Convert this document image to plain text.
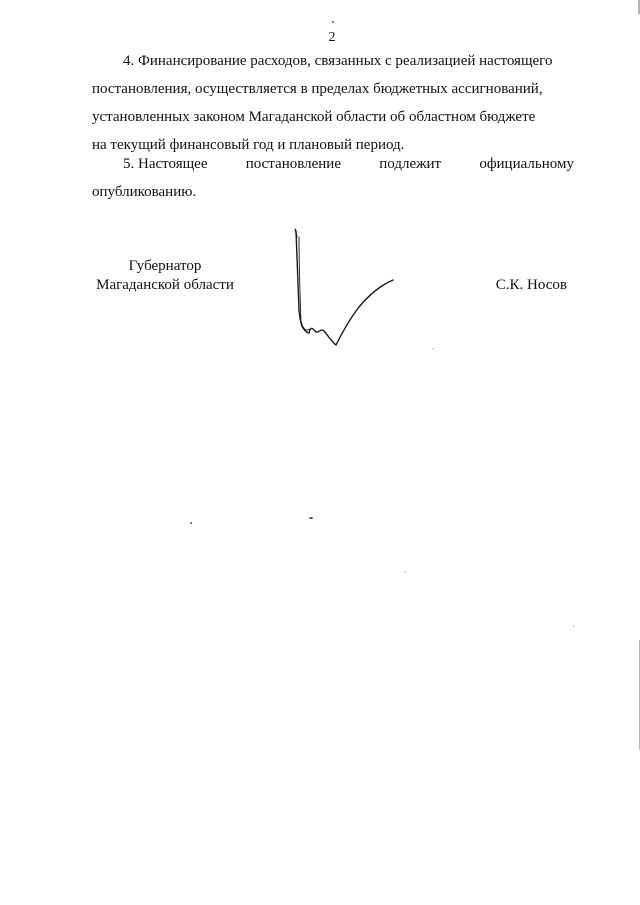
2
4. Финансирование расходов, связанных с реализацией настоящего
постановления, осуществляется в пределах бюджетных ассигнований,
установленных законом Магаданской области об областном бюджете
на текущий финансовый год и плановый период.
5. Настоящее	постановление	подлежит	официальному
опубликованию.
Губернатор
Магаданской области	С.К. Носов
